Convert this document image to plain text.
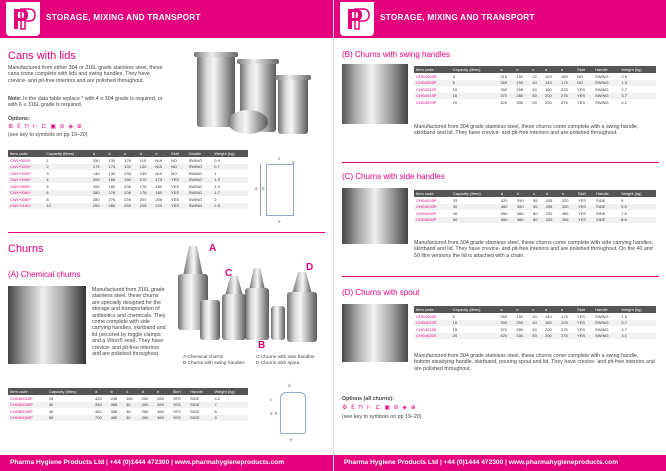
STORAGE, MIXING AND TRANSPORT
Cans with lids
Manufactured from either 304 or 316L grade stainless steel, these cans come complete with lids and swing handles. They have crevice- and pit-free interiors and are polished throughout.
Note: In the data table replace * with 4 ≡ 304 grade is required, or with 6 ≡ 316L grade is required.
Options:
⚙ ℇ ⊓ ⊢ ⊏ ▣ ⊘ ◈ ⊕
(see key to symbols on pp 19–20)
Item code	Capacity (litres)	a	b	c	d	e	Skirt	Handle	Weight (kg)
CWL*0010*	1	150	130	125	110	N/A	NO	SWING	0.4
CWL*0020*	2	175	175	130	120	N/A	NO	SWING	0.7
CWL*0030*	3	140	130	135	135	N/A	NO	SWING	1
CWL*0040*	4	200	185	190	170	173	YES	SWING	1.3
CWL*0050*	5	200	180	206	176	182	YES	SWING	1.4
CWL*0060*	6	280	276	206	176	180	YES	SWING	1.7
CWL*0080*	8	280	276	239	200	206	YES	SWING	2
CWL*0100*	10	290	280	259	205	220	YES	SWING	2.5
a b
c
d
e
Churns
(A) Chemical churns
Manufactured from 316L grade stainless steel, these churns are specially designed for the storage and transportation of antibiotics and chemicals. They come complete with side carrying handles, skirtband and lid (secured by toggle clamps and a Viton® seal). They have crevice- and pit-free interiors and are polished throughout.
A
B
C
D
A Chemical churns
B Churns with swing handles
C Churns with side handles
D Churns with spout
Item code	Capacity (litres)	a	b	c	d	e	Skirt	Handle	Weight (kg)
CHG60015P	15	425	248	160	200	260	YES	SIDE	4.2
CHG60030P	30	330	388	30	200	260	YES	SIDE	7
CHG60040P	40	480	388	30	260	360	YES	SIDE	8
CHG60050P	50	700	480	30	260	360	YES	SIDE	9
d
c
a b
e
Pharma Hygiene Products Ltd | +44 (0)1444 472300 | www.pharmahygieneproducts.com
STORAGE, MIXING AND TRANSPORT
(B) Churns with swing handles
Item code	Capacity (litres)	a	b	c	d	e	Skirt	Handle	Weight (kg)
CHG4003P	3	215	190	42	120	155	NO	SWING	0.9
CHG4005P	5	265	190	40	140	175	NO	SWING	1.3
CHG4010P	10	330	258	40	160	225	YES	SWING	2.7
CHG4015P	15	370	280	50	200	275	YES	SWING	3.7
CHG4020P	20	420	330	50	200	275	YES	SWING	4.1
Manufactured from 304 grade stainless steel, these churns come complete with a swing handle, skirtband and lid. They have crevice- and pit-free interiors and are polished throughout.
(C) Churns with side handles
Item code	Capacity (litres)	a	b	c	d	e	Skirt	Handle	Weight (kg)
CHG4025P	25	420	290	55	205	320	YES	SIDE	5
CHG4030P	30	480	350	55	205	320	YES	SIDE	5.5
CHG4040P	40	550	360	80	220	355	YES	SIDE	7.8
CHG4050P	50	650	480	80	220	355	YES	SIDE	8.8
Manufactured from 304 grade stainless steel, these churns come complete with side carrying handles, skirtband and lid. They have crevice- and pit-free interiors and are polished throughout. On the 40 and 50 litre versions the lid is attached with a chain.
(D) Churns with spout
Item code	Capacity (litres)	a	b	c	d	e	Skirt	Handle	Weight (kg)
CHG4005S	5	265	190	40	140	175	YES	SWING	1.5
CHG4010S	10	330	250	40	150	225	YES	SWING	2.7
CHG4015S	15	370	280	40	200	275	YES	SWING	3.7
CHG4020S	20	420	330	50	200	275	YES	SWING	4.1
Manufactured from 304 grade stainless steel, these churns come complete with a swing handle, bottom steadying handle, skirtband, pouring spout and lid. They have crevice- and pit-free interiors and are polished throughout.
Options (all churns):
⚙ ℇ ⊓ ⊢ ⊏ ▣ ⊘ ◈ ⊕
(see key to symbols on pp 19–20)
Pharma Hygiene Products Ltd | +44 (0)1444 472300 | www.pharmahygieneproducts.com
